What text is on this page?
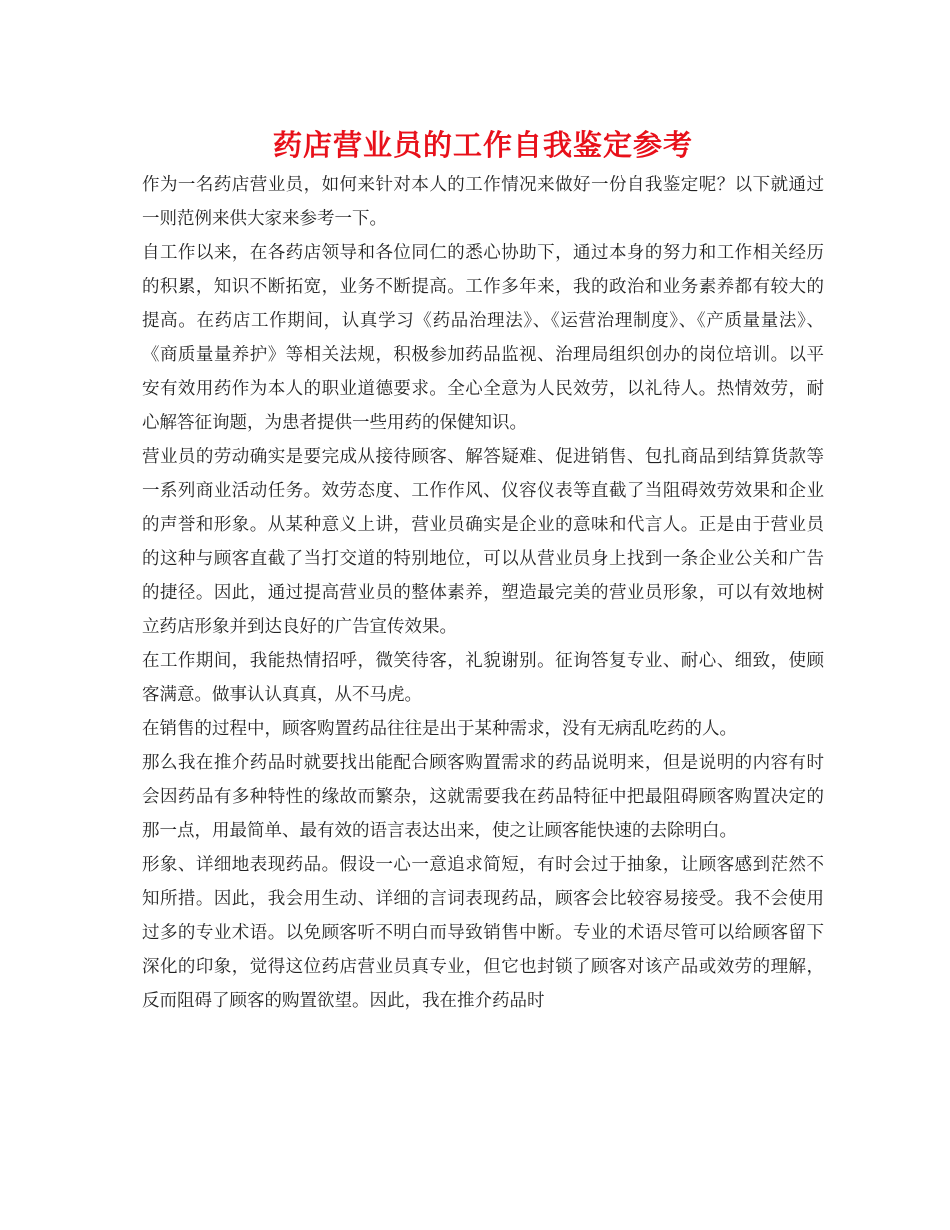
药店营业员的工作自我鉴定参考

作为一名药店营业员，如何来针对本人的工作情况来做好一份自我鉴定呢？以下就通过一则范例来供大家来参考一下。

自工作以来，在各药店领导和各位同仁的悉心协助下，通过本身的努力和工作相关经历的积累，知识不断拓宽，业务不断提高。工作多年来，我的政治和业务素养都有较大的提高。在药店工作期间，认真学习《药品治理法》、《运营治理制度》、《产质量量法》、《商质量量养护》等相关法规，积极参加药品监视、治理局组织创办的岗位培训。以平安有效用药作为本人的职业道德要求。全心全意为人民效劳，以礼待人。热情效劳，耐心解答征询题，为患者提供一些用药的保健知识。

营业员的劳动确实是要完成从接待顾客、解答疑难、促进销售、包扎商品到结算货款等一系列商业活动任务。效劳态度、工作作风、仪容仪表等直截了当阻碍效劳效果和企业的声誉和形象。从某种意义上讲，营业员确实是企业的意味和代言人。正是由于营业员的这种与顾客直截了当打交道的特别地位，可以从营业员身上找到一条企业公关和广告的捷径。因此，通过提高营业员的整体素养，塑造最完美的营业员形象，可以有效地树立药店形象并到达良好的广告宣传效果。

在工作期间，我能热情招呼，微笑待客，礼貌谢别。征询答复专业、耐心、细致，使顾客满意。做事认认真真，从不马虎。

在销售的过程中，顾客购置药品往往是出于某种需求，没有无病乱吃药的人。

那么我在推介药品时就要找出能配合顾客购置需求的药品说明来，但是说明的内容有时会因药品有多种特性的缘故而繁杂，这就需要我在药品特征中把最阻碍顾客购置决定的那一点，用最简单、最有效的语言表达出来，使之让顾客能快速的去除明白。

形象、详细地表现药品。假设一心一意追求简短，有时会过于抽象，让顾客感到茫然不知所措。因此，我会用生动、详细的言词表现药品，顾客会比较容易接受。我不会使用过多的专业术语。以免顾客听不明白而导致销售中断。专业的术语尽管可以给顾客留下深化的印象，觉得这位药店营业员真专业，但它也封锁了顾客对该产品或效劳的理解，反而阻碍了顾客的购置欲望。因此，我在推介药品时
